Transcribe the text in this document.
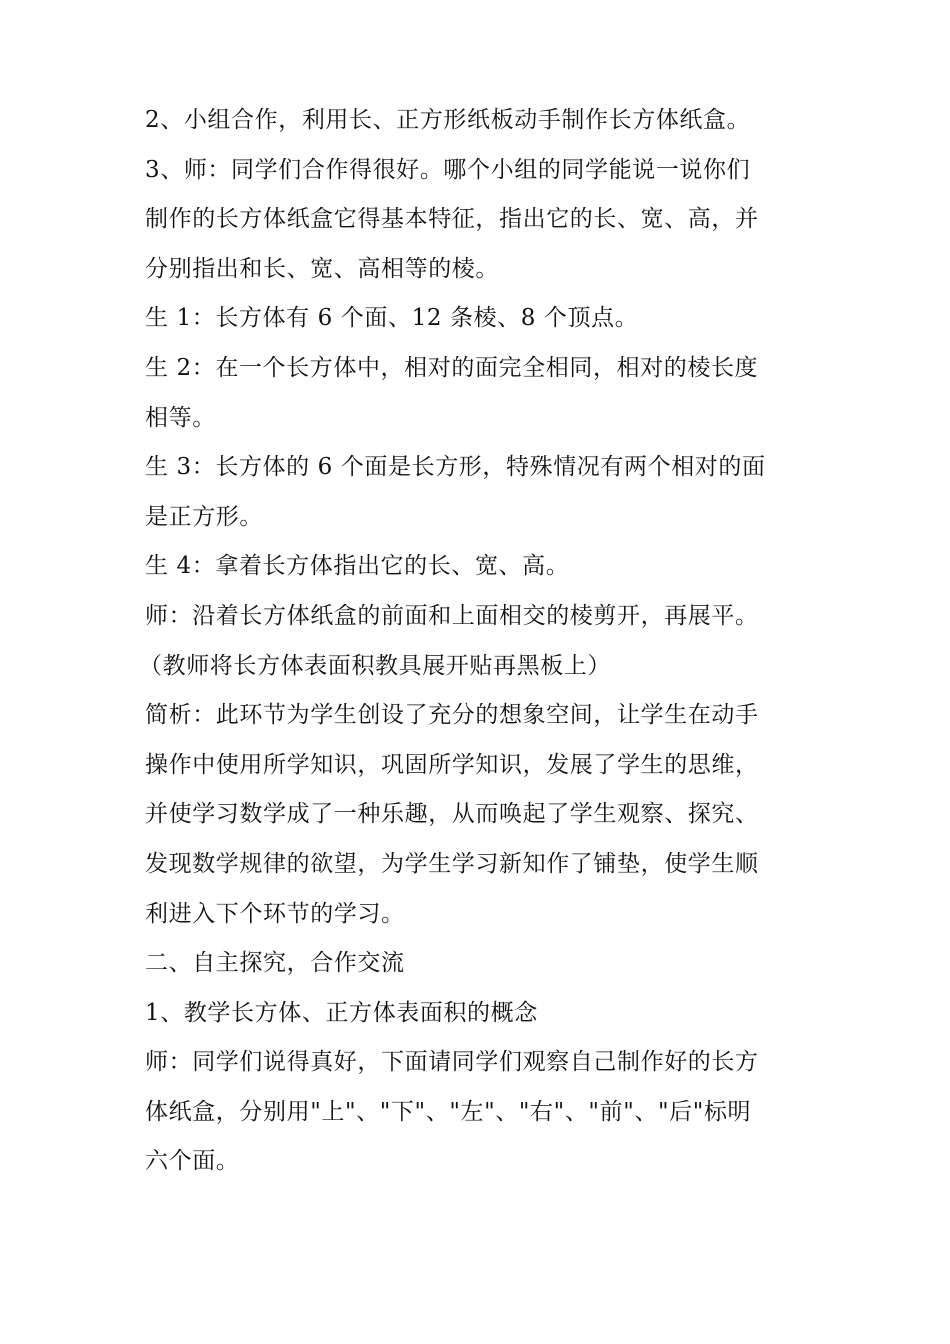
2、小组合作，利用长、正方形纸板动手制作长方体纸盒。
3、师：同学们合作得很好。哪个小组的同学能说一说你们
制作的长方体纸盒它得基本特征，指出它的长、宽、高，并
分别指出和长、宽、高相等的棱。
生 1：长方体有 6 个面、12 条棱、8 个顶点。
生 2：在一个长方体中，相对的面完全相同，相对的棱长度
相等。
生 3：长方体的 6 个面是长方形，特殊情况有两个相对的面
是正方形。
生 4：拿着长方体指出它的长、宽、高。
师：沿着长方体纸盒的前面和上面相交的棱剪开，再展平。
（教师将长方体表面积教具展开贴再黑板上）
简析：此环节为学生创设了充分的想象空间，让学生在动手
操作中使用所学知识，巩固所学知识，发展了学生的思维，
并使学习数学成了一种乐趣，从而唤起了学生观察、探究、
发现数学规律的欲望，为学生学习新知作了铺垫，使学生顺
利进入下个环节的学习。
二、自主探究，合作交流
1、教学长方体、正方体表面积的概念
师：同学们说得真好，下面请同学们观察自己制作好的长方
体纸盒，分别用"上"、"下"、"左"、"右"、"前"、"后"标明
六个面。
